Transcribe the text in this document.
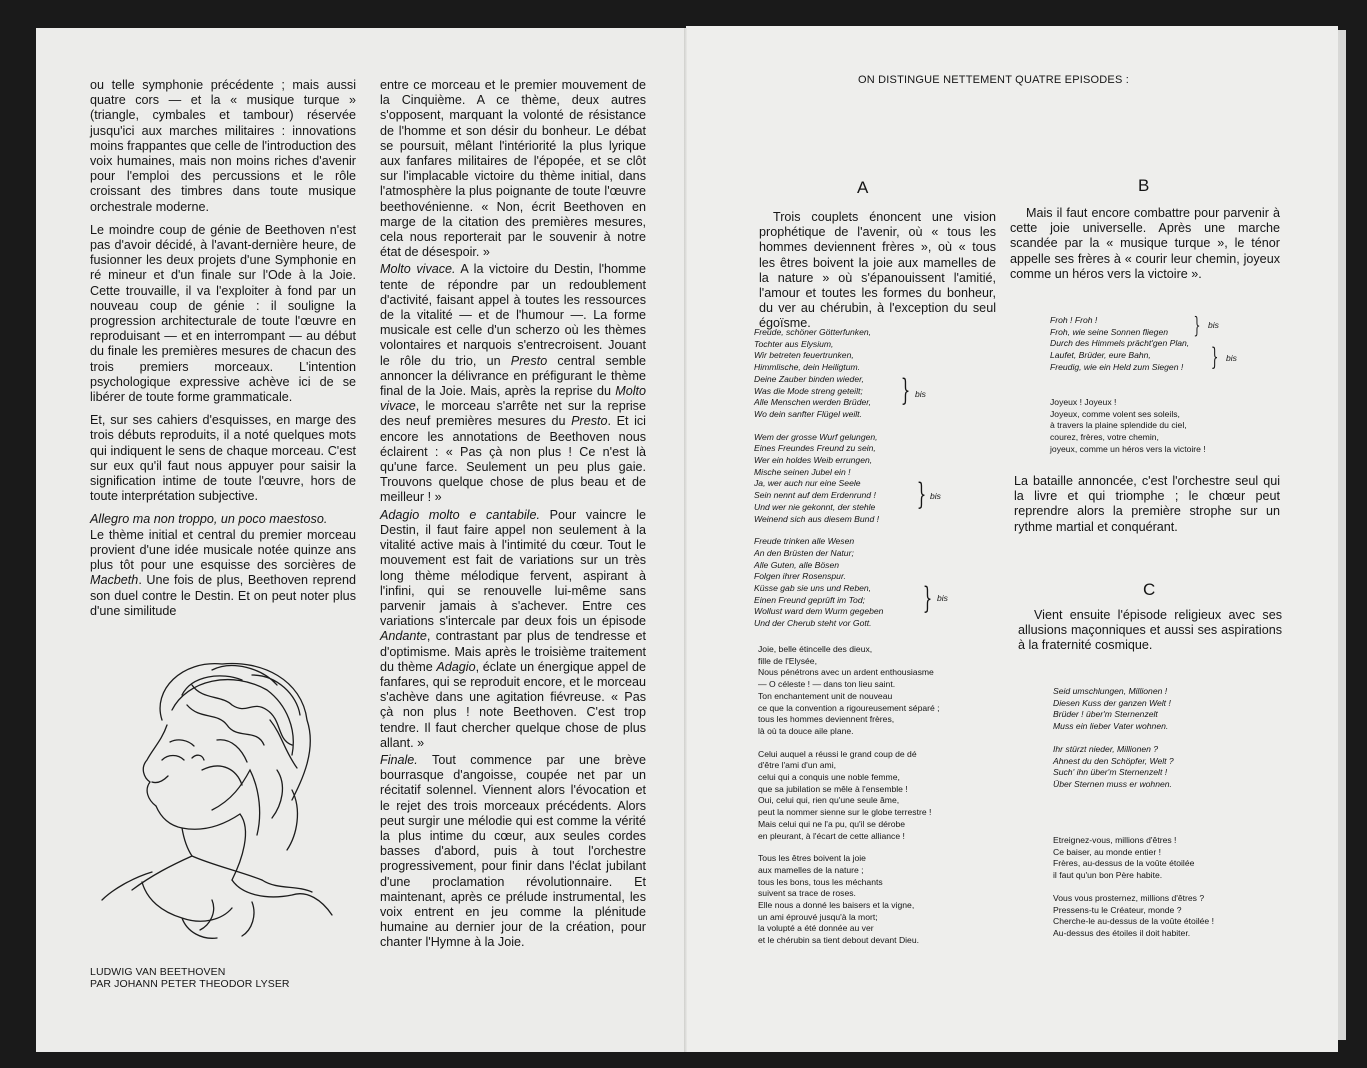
ou telle symphonie précédente ; mais aussi quatre cors — et la « musique turque » (triangle, cymbales et tambour) réservée jusqu'ici aux marches militaires : innovations moins frappantes que celle de l'introduction des voix humaines, mais non moins riches d'avenir pour l'emploi des percussions et le rôle croissant des timbres dans toute musique orchestrale moderne.

Le moindre coup de génie de Beethoven n'est pas d'avoir décidé, à l'avant-dernière heure, de fusionner les deux projets d'une Symphonie en ré mineur et d'un finale sur l'Ode à la Joie. Cette trouvaille, il va l'exploiter à fond par un nouveau coup de génie : il souligne la progression architecturale de toute l'œuvre en reproduisant — et en interrompant — au début du finale les premières mesures de chacun des trois premiers morceaux. L'intention psychologique expressive achève ici de se libérer de toute forme grammaticale.

Et, sur ses cahiers d'esquisses, en marge des trois débuts reproduits, il a noté quelques mots qui indiquent le sens de chaque morceau. C'est sur eux qu'il faut nous appuyer pour saisir la signification intime de toute l'œuvre, hors de toute interprétation subjective.

Allegro ma non troppo, un poco maestoso.
Le thème initial et central du premier morceau provient d'une idée musicale notée quinze ans plus tôt pour une esquisse des sorcières de Macbeth. Une fois de plus, Beethoven reprend son duel contre le Destin. Et on peut noter plus d'une similitude

LUDWIG VAN BEETHOVEN
PAR JOHANN PETER THEODOR LYSER

entre ce morceau et le premier mouvement de la Cinquième. A ce thème, deux autres s'opposent, marquant la volonté de résistance de l'homme et son désir du bonheur. Le débat se poursuit, mêlant l'intériorité la plus lyrique aux fanfares militaires de l'épopée, et se clôt sur l'implacable victoire du thème initial, dans l'atmosphère la plus poignante de toute l'œuvre beethovénienne. « Non, écrit Beethoven en marge de la citation des premières mesures, cela nous reporterait par le souvenir à notre état de désespoir. »

Molto vivace. A la victoire du Destin, l'homme tente de répondre par un redoublement d'activité, faisant appel à toutes les ressources de la vitalité — et de l'humour —. La forme musicale est celle d'un scherzo où les thèmes volontaires et narquois s'entrecroisent. Jouant le rôle du trio, un Presto central semble annoncer la délivrance en préfigurant le thème final de la Joie. Mais, après la reprise du Molto vivace, le morceau s'arrête net sur la reprise des neuf premières mesures du Presto. Et ici encore les annotations de Beethoven nous éclairent : « Pas çà non plus ! Ce n'est là qu'une farce. Seulement un peu plus gaie. Trouvons quelque chose de plus beau et de meilleur ! »

Adagio molto e cantabile. Pour vaincre le Destin, il faut faire appel non seulement à la vitalité active mais à l'intimité du cœur. Tout le mouvement est fait de variations sur un très long thème mélodique fervent, aspirant à l'infini, qui se renouvelle lui-même sans parvenir jamais à s'achever. Entre ces variations s'intercale par deux fois un épisode Andante, contrastant par plus de tendresse et d'optimisme. Mais après le troisième traitement du thème Adagio, éclate un énergique appel de fanfares, qui se reproduit encore, et le morceau s'achève dans une agitation fiévreuse. « Pas çà non plus ! note Beethoven. C'est trop tendre. Il faut chercher quelque chose de plus allant. »

Finale. Tout commence par une brève bourrasque d'angoisse, coupée net par un récitatif solennel. Viennent alors l'évocation et le rejet des trois morceaux précédents. Alors peut surgir une mélodie qui est comme la vérité la plus intime du cœur, aux seules cordes basses d'abord, puis à tout l'orchestre progressivement, pour finir dans l'éclat jubilant d'une proclamation révolutionnaire. Et maintenant, après ce prélude instrumental, les voix entrent en jeu comme la plénitude humaine au dernier jour de la création, pour chanter l'Hymne à la Joie.

ON DISTINGUE NETTEMENT QUATRE EPISODES :
A
Trois couplets énoncent une vision prophétique de l'avenir, où « tous les hommes deviennent frères », où « tous les êtres boivent la joie aux mamelles de la nature » où s'épanouissent l'amitié, l'amour et toutes les formes du bonheur, du ver au chérubin, à l'exception du seul égoïsme.
Freude, schöner Götterfunken,
Tochter aus Elysium,
Wir betreten feuertrunken,
Himmlische, dein Heiligtum.
Deine Zauber binden wieder,
Was die Mode streng geteilt;
Alle Menschen werden Brüder,
Wo dein sanfter Flügel weilt.
Wem der grosse Wurf gelungen,
Eines Freundes Freund zu sein,
Wer ein holdes Weib errungen,
Mische seinen Jubel ein !
Ja, wer auch nur eine Seele
Sein nennt auf dem Erdenrund !
Und wer nie gekonnt, der stehle
Weinend sich aus diesem Bund !
Freude trinken alle Wesen
An den Brüsten der Natur;
Alle Guten, alle Bösen
Folgen ihrer Rosenspur.
Küsse gab sie uns und Reben,
Einen Freund geprüft im Tod;
Wollust ward dem Wurm gegeben
Und der Cherub steht vor Gott.
} bis
} bis
} bis
Joie, belle étincelle des dieux,
fille de l'Elysée,
Nous pénétrons avec un ardent enthousiasme
— O céleste ! — dans ton lieu saint.
Ton enchantement unit de nouveau
ce que la convention a rigoureusement séparé ;
tous les hommes deviennent frères,
là où ta douce aile plane.
Celui auquel a réussi le grand coup de dé
d'être l'ami d'un ami,
celui qui a conquis une noble femme,
que sa jubilation se mêle à l'ensemble !
Oui, celui qui, rien qu'une seule âme,
peut la nommer sienne sur le globe terrestre !
Mais celui qui ne l'a pu, qu'il se dérobe
en pleurant, à l'écart de cette alliance !
Tous les êtres boivent la joie
aux mamelles de la nature ;
tous les bons, tous les méchants
suivent sa trace de roses.
Elle nous a donné les baisers et la vigne,
un ami éprouvé jusqu'à la mort;
la volupté a été donnée au ver
et le chérubin sa tient debout devant Dieu.
B
Mais il faut encore combattre pour parvenir à cette joie universelle. Après une marche scandée par la « musique turque », le ténor appelle ses frères à « courir leur chemin, joyeux comme un héros vers la victoire ».
Froh ! Froh !
Froh, wie seine Sonnen fliegen
Durch des Himmels prächt'gen Plan,
Laufet, Brüder, eure Bahn,
Freudig, wie ein Held zum Siegen !
} bis
} bis
Joyeux ! Joyeux !
Joyeux, comme volent ses soleils,
à travers la plaine splendide du ciel,
courez, frères, votre chemin,
joyeux, comme un héros vers la victoire !
La bataille annoncée, c'est l'orchestre seul qui la livre et qui triomphe ; le chœur peut reprendre alors la première strophe sur un rythme martial et conquérant.
C
Vient ensuite l'épisode religieux avec ses allusions maçonniques et aussi ses aspirations à la fraternité cosmique.
Seid umschlungen, Millionen !
Diesen Kuss der ganzen Welt !
Brüder ! über'm Sternenzelt
Muss ein lieber Vater wohnen.
Ihr stürzt nieder, Millionen ?
Ahnest du den Schöpfer, Welt ?
Such' ihn über'm Sternenzelt !
Über Sternen muss er wohnen.
Etreignez-vous, millions d'êtres !
Ce baiser, au monde entier !
Frères, au-dessus de la voûte étoilée
il faut qu'un bon Père habite.
Vous vous prosternez, millions d'êtres ?
Pressens-tu le Créateur, monde ?
Cherche-le au-dessus de la voûte étoilée !
Au-dessus des étoiles il doit habiter.
